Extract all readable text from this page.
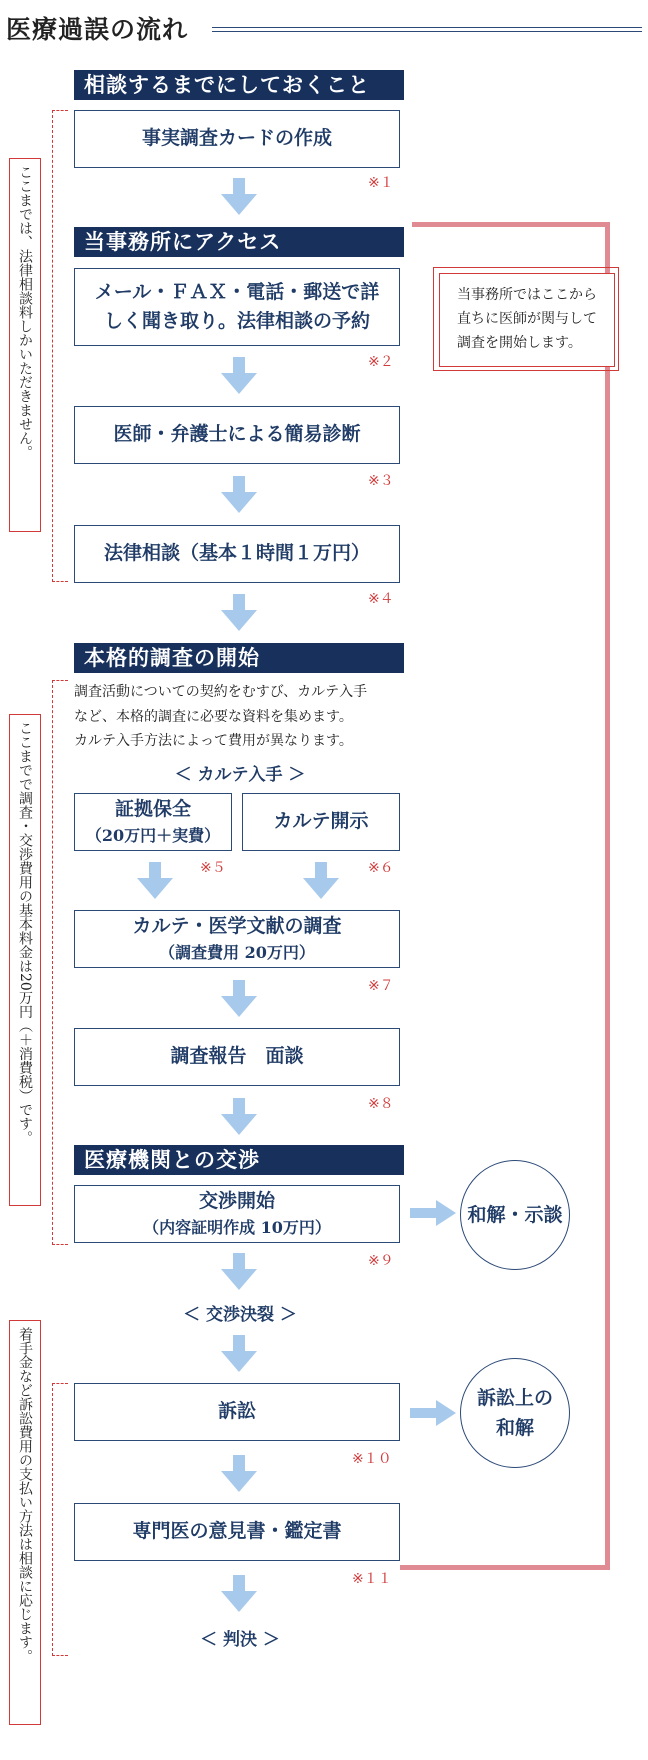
医療過誤の流れ
当事務所ではここから
直ちに医師が関与して
調査を開始します。
ここまでは、法律相談料しかいただきません。
ここまでで調査・交渉費用の基本料金は20万円（＋消費税）です。
着手金など訴訟費用の支払い方法は相談に応じます。
相談するまでにしておくこと
事実調査カードの作成
※１
当事務所にアクセス
メール・ＦＡＸ・電話・郵送で詳
しく聞き取り。法律相談の予約
※２
医師・弁護士による簡易診断
※３
法律相談（基本１時間１万円）
※４
本格的調査の開始
調査活動についての契約をむすび、カルテ入手
など、本格的調査に必要な資料を集めます。
カルテ入手方法によって費用が異なります。
＜ カルテ入手 ＞
証拠保全
（20万円＋実費）
カルテ開示
※５	※６
カルテ・医学文献の調査
（調査費用 20万円）
※７
調査報告　面談
※８
医療機関との交渉
交渉開始
（内容証明作成 10万円）
※９
和解・示談
＜ 交渉決裂 ＞
訴訟
※１０
訴訟上の
和解
専門医の意見書・鑑定書
※１１
＜ 判決 ＞
